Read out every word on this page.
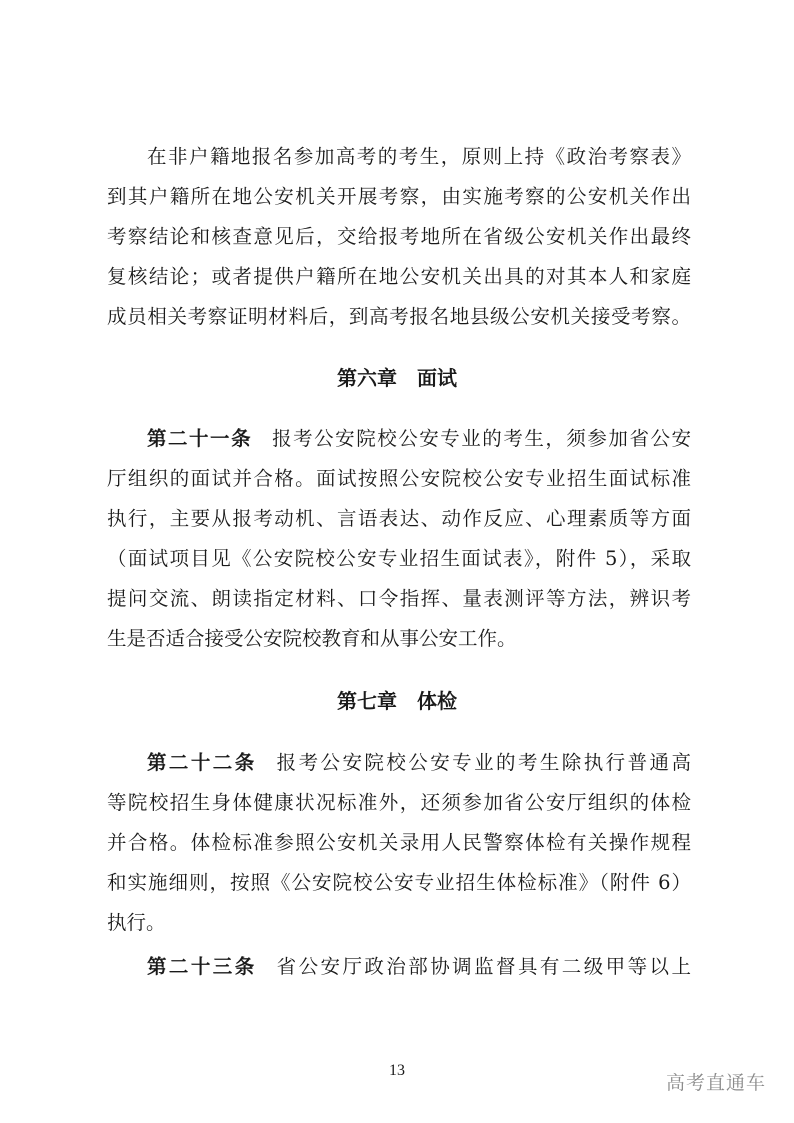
在非户籍地报名参加高考的考生，原则上持《政治考察表》
到其户籍所在地公安机关开展考察，由实施考察的公安机关作出
考察结论和核查意见后，交给报考地所在省级公安机关作出最终
复核结论；或者提供户籍所在地公安机关出具的对其本人和家庭
成员相关考察证明材料后，到高考报名地县级公安机关接受考察。
第六章　面试
第二十一条 报考公安院校公安专业的考生，须参加省公安
厅组织的面试并合格。面试按照公安院校公安专业招生面试标准
执行，主要从报考动机、言语表达、动作反应、心理素质等方面
（面试项目见《公安院校公安专业招生面试表》，附件 5），采取
提问交流、朗读指定材料、口令指挥、量表测评等方法，辨识考
生是否适合接受公安院校教育和从事公安工作。
第七章　体检
第二十二条 报考公安院校公安专业的考生除执行普通高
等院校招生身体健康状况标准外，还须参加省公安厅组织的体检
并合格。体检标准参照公安机关录用人民警察体检有关操作规程
和实施细则，按照《公安院校公安专业招生体检标准》（附件 6）
执行。
第二十三条 省公安厅政治部协调监督具有二级甲等以上
13
高考直通车
